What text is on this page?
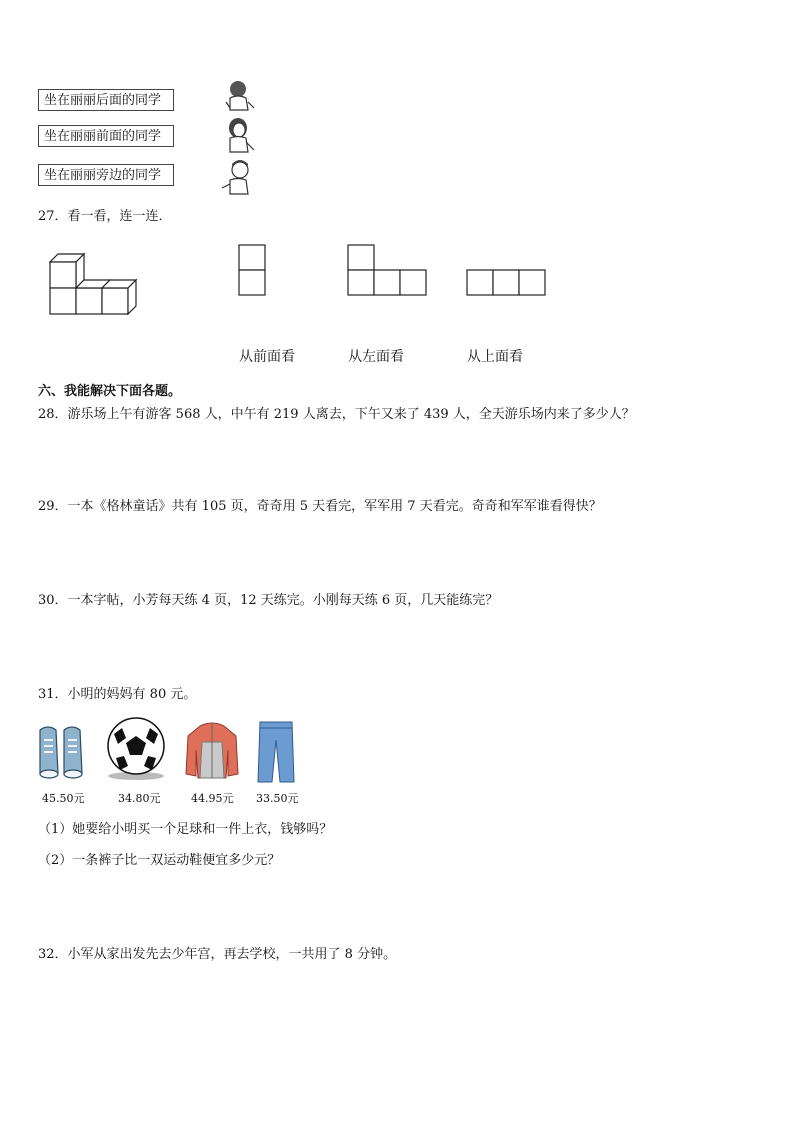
坐在丽丽后面的同学
坐在丽丽前面的同学
坐在丽丽旁边的同学
27．看一看，连一连．
从前面看	从左面看	从上面看
六、我能解决下面各题。
28．游乐场上午有游客 568 人，中午有 219 人离去，下午又来了 439 人，全天游乐场内来了多少人？
29．一本《格林童话》共有 105 页，奇奇用 5 天看完，军军用 7 天看完。奇奇和军军谁看得快？
30．一本字帖，小芳每天练 4 页，12 天练完。小刚每天练 6 页，几天能练完？
31．小明的妈妈有 80 元。
45.50元	34.80元	44.95元 33.50元
（1）她要给小明买一个足球和一件上衣，钱够吗？
（2）一条裤子比一双运动鞋便宜多少元？
32．小军从家出发先去少年宫，再去学校，一共用了 8 分钟。
